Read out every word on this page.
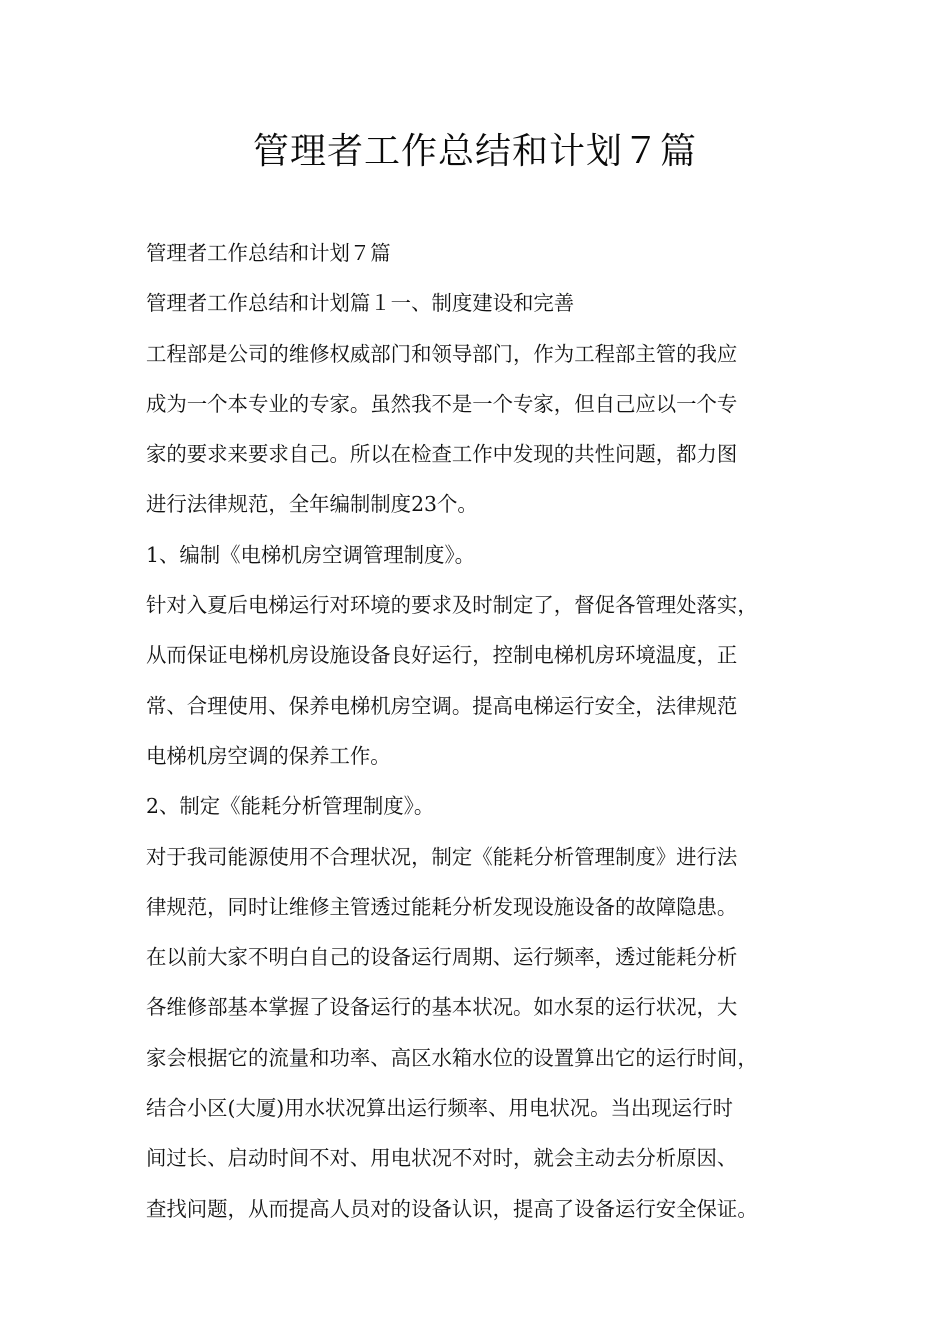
管理者工作总结和计划７篇

管理者工作总结和计划７篇

管理者工作总结和计划篇１一、制度建设和完善

工程部是公司的维修权威部门和领导部门，作为工程部主管的我应

成为一个本专业的专家。虽然我不是一个专家，但自己应以一个专

家的要求来要求自己。所以在检查工作中发现的共性问题，都力图

进行法律规范，全年编制制度23个。

1、编制《电梯机房空调管理制度》。

针对入夏后电梯运行对环境的要求及时制定了，督促各管理处落实，

从而保证电梯机房设施设备良好运行，控制电梯机房环境温度，正

常、合理使用、保养电梯机房空调。提高电梯运行安全，法律规范

电梯机房空调的保养工作。

2、制定《能耗分析管理制度》。

对于我司能源使用不合理状况，制定《能耗分析管理制度》进行法

律规范，同时让维修主管透过能耗分析发现设施设备的故障隐患。

在以前大家不明白自己的设备运行周期、运行频率，透过能耗分析

各维修部基本掌握了设备运行的基本状况。如水泵的运行状况，大

家会根据它的流量和功率、高区水箱水位的设置算出它的运行时间，

结合小区(大厦)用水状况算出运行频率、用电状况。当出现运行时

间过长、启动时间不对、用电状况不对时，就会主动去分析原因、

查找问题，从而提高人员对的设备认识，提高了设备运行安全保证。
